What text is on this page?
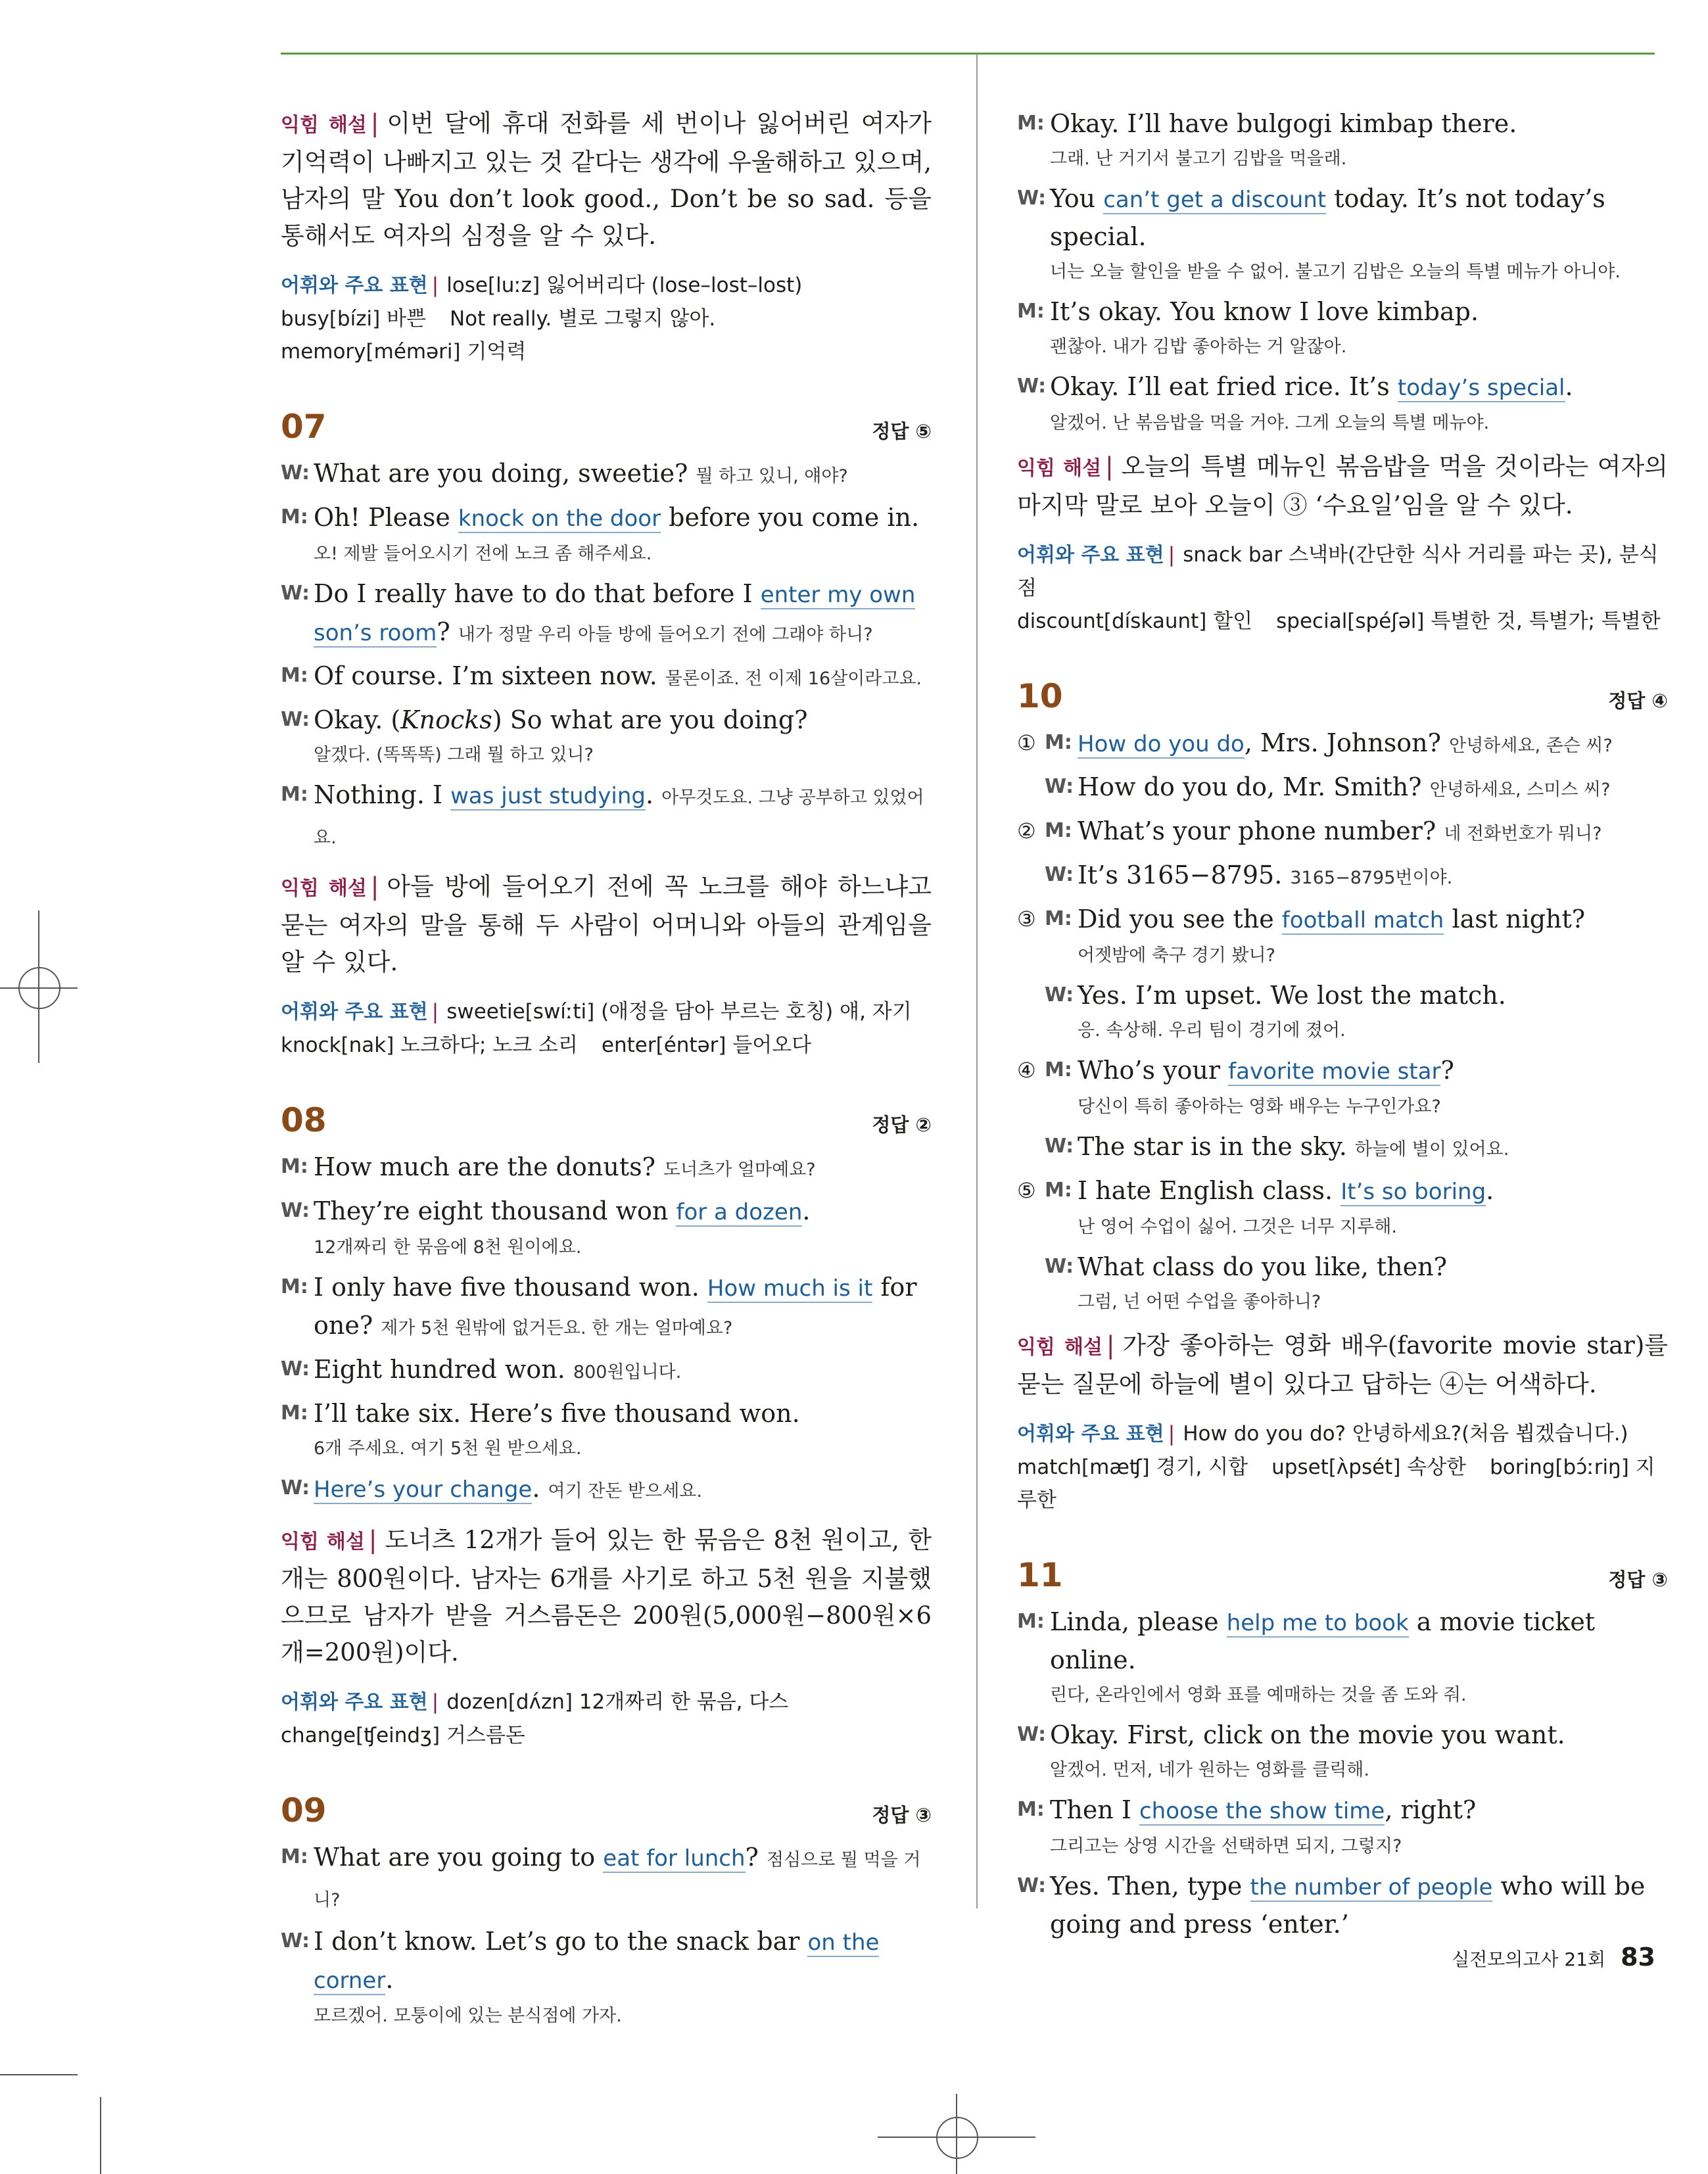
익힘 해설 | 이번 달에 휴대 전화를 세 번이나 잃어버린 여자가 기억력이 나빠지고 있는 것 같다는 생각에 우울해하고 있으며, 남자의 말 You don’t look good., Don’t be so sad. 등을 통해서도 여자의 심정을 알 수 있다.

어휘와 주요 표현 | lose[luːz] 잃어버리다 (lose–lost–lost)
busy[bízi] 바쁜 Not really. 별로 그렇지 않아.
memory[méməri] 기억력
07	정답 ⑤
W: What are you doing, sweetie? 뭘 하고 있니, 얘야?
M: Oh! Please knock on the door before you come in.
오! 제발 들어오시기 전에 노크 좀 해주세요.
W: Do I really have to do that before I enter my own son’s room? 내가 정말 우리 아들 방에 들어오기 전에 그래야 하니?
M: Of course. I’m sixteen now. 물론이죠. 전 이제 16살이라고요.
W: Okay. (Knocks) So what are you doing?
알겠다. (똑똑똑) 그래 뭘 하고 있니?
M: Nothing. I was just studying. 아무것도요. 그냥 공부하고 있었어요.

익힘 해설 | 아들 방에 들어오기 전에 꼭 노크를 해야 하느냐고 묻는 여자의 말을 통해 두 사람이 어머니와 아들의 관계임을 알 수 있다.

어휘와 주요 표현 | sweetie[swíːti] (애정을 담아 부르는 호칭) 얘, 자기
knock[nak] 노크하다; 노크 소리 enter[éntər] 들어오다
08	정답 ②
M: How much are the donuts? 도너츠가 얼마예요?
W: They’re eight thousand won for a dozen.
12개짜리 한 묶음에 8천 원이에요.
M: I only have five thousand won. How much is it for one? 제가 5천 원밖에 없거든요. 한 개는 얼마예요?
W: Eight hundred won. 800원입니다.
M: I’ll take six. Here’s five thousand won.
6개 주세요. 여기 5천 원 받으세요.
W: Here’s your change. 여기 잔돈 받으세요.

익힘 해설 | 도너츠 12개가 들어 있는 한 묶음은 8천 원이고, 한 개는 800원이다. 남자는 6개를 사기로 하고 5천 원을 지불했으므로 남자가 받을 거스름돈은 200원(5,000원−800원×6개=200원)이다.

어휘와 주요 표현 | dozen[dʌ́zn] 12개짜리 한 묶음, 다스
change[ʧeindʒ] 거스름돈
09	정답 ③
M: What are you going to eat for lunch? 점심으로 뭘 먹을 거니?
W: I don’t know. Let’s go to the snack bar on the corner.
모르겠어. 모퉁이에 있는 분식점에 가자.
M: Okay. I’ll have bulgogi kimbap there.
그래. 난 거기서 불고기 김밥을 먹을래.
W: You can’t get a discount today. It’s not today’s special.
너는 오늘 할인을 받을 수 없어. 불고기 김밥은 오늘의 특별 메뉴가 아니야.
M: It’s okay. You know I love kimbap.
괜찮아. 내가 김밥 좋아하는 거 알잖아.
W: Okay. I’ll eat fried rice. It’s today’s special.
알겠어. 난 볶음밥을 먹을 거야. 그게 오늘의 특별 메뉴야.

익힘 해설 | 오늘의 특별 메뉴인 볶음밥을 먹을 것이라는 여자의 마지막 말로 보아 오늘이 ③ ‘수요일’임을 알 수 있다.

어휘와 주요 표현 | snack bar 스낵바(간단한 식사 거리를 파는 곳), 분식점
discount[dískaunt] 할인 special[spéʃəl] 특별한 것, 특별가; 특별한
10	정답 ④
① M: How do you do, Mrs. Johnson? 안녕하세요, 존슨 씨?
W: How do you do, Mr. Smith? 안녕하세요, 스미스 씨?
② M: What’s your phone number? 네 전화번호가 뭐니?
W: It’s 3165−8795. 3165−8795번이야.
③ M: Did you see the football match last night?
어젯밤에 축구 경기 봤니?
W: Yes. I’m upset. We lost the match.
응. 속상해. 우리 팀이 경기에 졌어.
④ M: Who’s your favorite movie star?
당신이 특히 좋아하는 영화 배우는 누구인가요?
W: The star is in the sky. 하늘에 별이 있어요.
⑤ M: I hate English class. It’s so boring.
난 영어 수업이 싫어. 그것은 너무 지루해.
W: What class do you like, then?
그럼, 넌 어떤 수업을 좋아하니?

익힘 해설 | 가장 좋아하는 영화 배우(favorite movie star)를 묻는 질문에 하늘에 별이 있다고 답하는 ④는 어색하다.

어휘와 주요 표현 | How do you do? 안녕하세요?(처음 뵙겠습니다.)
match[mæʧ] 경기, 시합 upset[ʌ̀psét] 속상한 boring[bɔ́ːriŋ] 지루한
11	정답 ③
M: Linda, please help me to book a movie ticket online.
린다, 온라인에서 영화 표를 예매하는 것을 좀 도와 줘.
W: Okay. First, click on the movie you want.
알겠어. 먼저, 네가 원하는 영화를 클릭해.
M: Then I choose the show time, right?
그리고는 상영 시간을 선택하면 되지, 그렇지?
W: Yes. Then, type the number of people who will be going and press ‘enter.’
실전모의고사 21회 83
